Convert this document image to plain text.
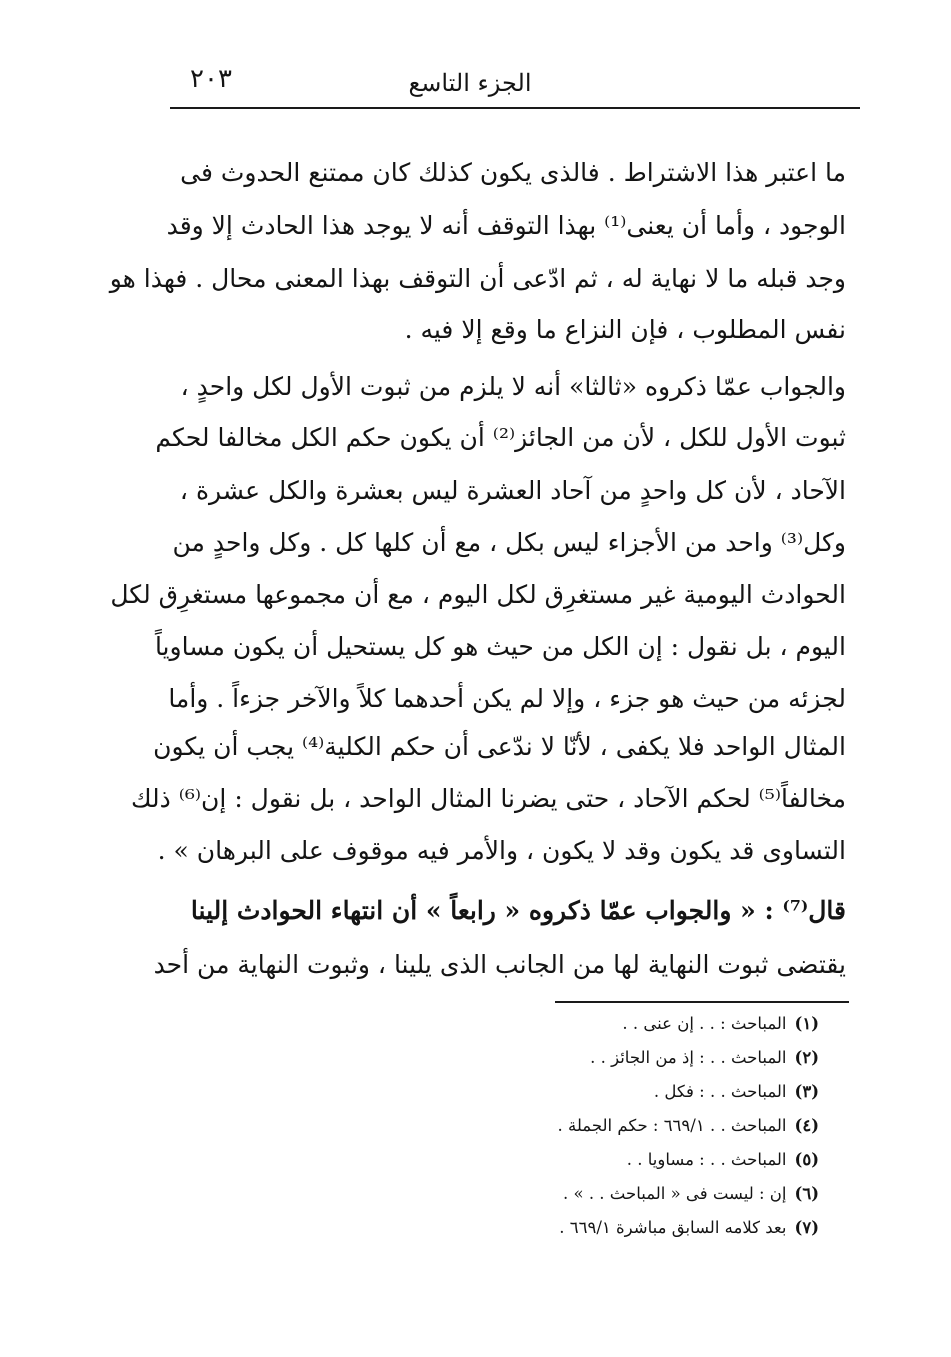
الجزء التاسع
٢٠٣
ما اعتبر هذا الاشتراط . فالذى يكون كذلك كان ممتنع الحدوث فى
الوجود ، وأما أن يعنى⁽¹⁾ بهذا التوقف أنه لا يوجد هذا الحادث إلا وقد
وجد قبله ما لا نهاية له ، ثم ادّعى أن التوقف بهذا المعنى محال . فهذا هو
نفس المطلوب ، فإن النزاع ما وقع إلا فيه .
والجواب عمّا ذكروه «ثالثا» أنه لا يلزم من ثبوت الأول لكل واحدٍ ،
ثبوت الأول للكل ، لأن من الجائز⁽²⁾ أن يكون حكم الكل مخالفا لحكم
الآحاد ، لأن كل واحدٍ من آحاد العشرة ليس بعشرة والكل عشرة ،
وكل⁽³⁾ واحد من الأجزاء ليس بكل ، مع أن كلها كل . وكل واحدٍ من
الحوادث اليومية غير مستغرِق لكل اليوم ، مع أن مجموعها مستغرِق لكل
اليوم ، بل نقول : إن الكل من حيث هو كل يستحيل أن يكون مساوياً
لجزئه من حيث هو جزء ، وإلا لم يكن أحدهما كلاً والآخر جزءاً . وأما
المثال الواحد فلا يكفى ، لأنّا لا ندّعى أن حكم الكلية⁽⁴⁾ يجب أن يكون
مخالفاً⁽⁵⁾ لحكم الآحاد ، حتى يضرنا المثال الواحد ، بل نقول : إن⁽⁶⁾ ذلك
التساوى قد يكون وقد لا يكون ، والأمر فيه موقوف على البرهان » .
قال⁽⁷⁾ : « والجواب عمّا ذكروه « رابعاً » أن انتهاء الحوادث إلينا
يقتضى ثبوت النهاية لها من الجانب الذى يلينا ، وثبوت النهاية من أحد
(١)المباحث : . . إن عنى . .
(٢)المباحث . . : إذ من الجائز . .
(٣)المباحث . . : فكل .
(٤)المباحث . . ٦٦٩/١ : حكم الجملة .
(٥)المباحث . . : مساويا . .
(٦)إن : ليست فى « المباحث . . » .
(٧)بعد كلامه السابق مباشرة ٦٦٩/١ .
